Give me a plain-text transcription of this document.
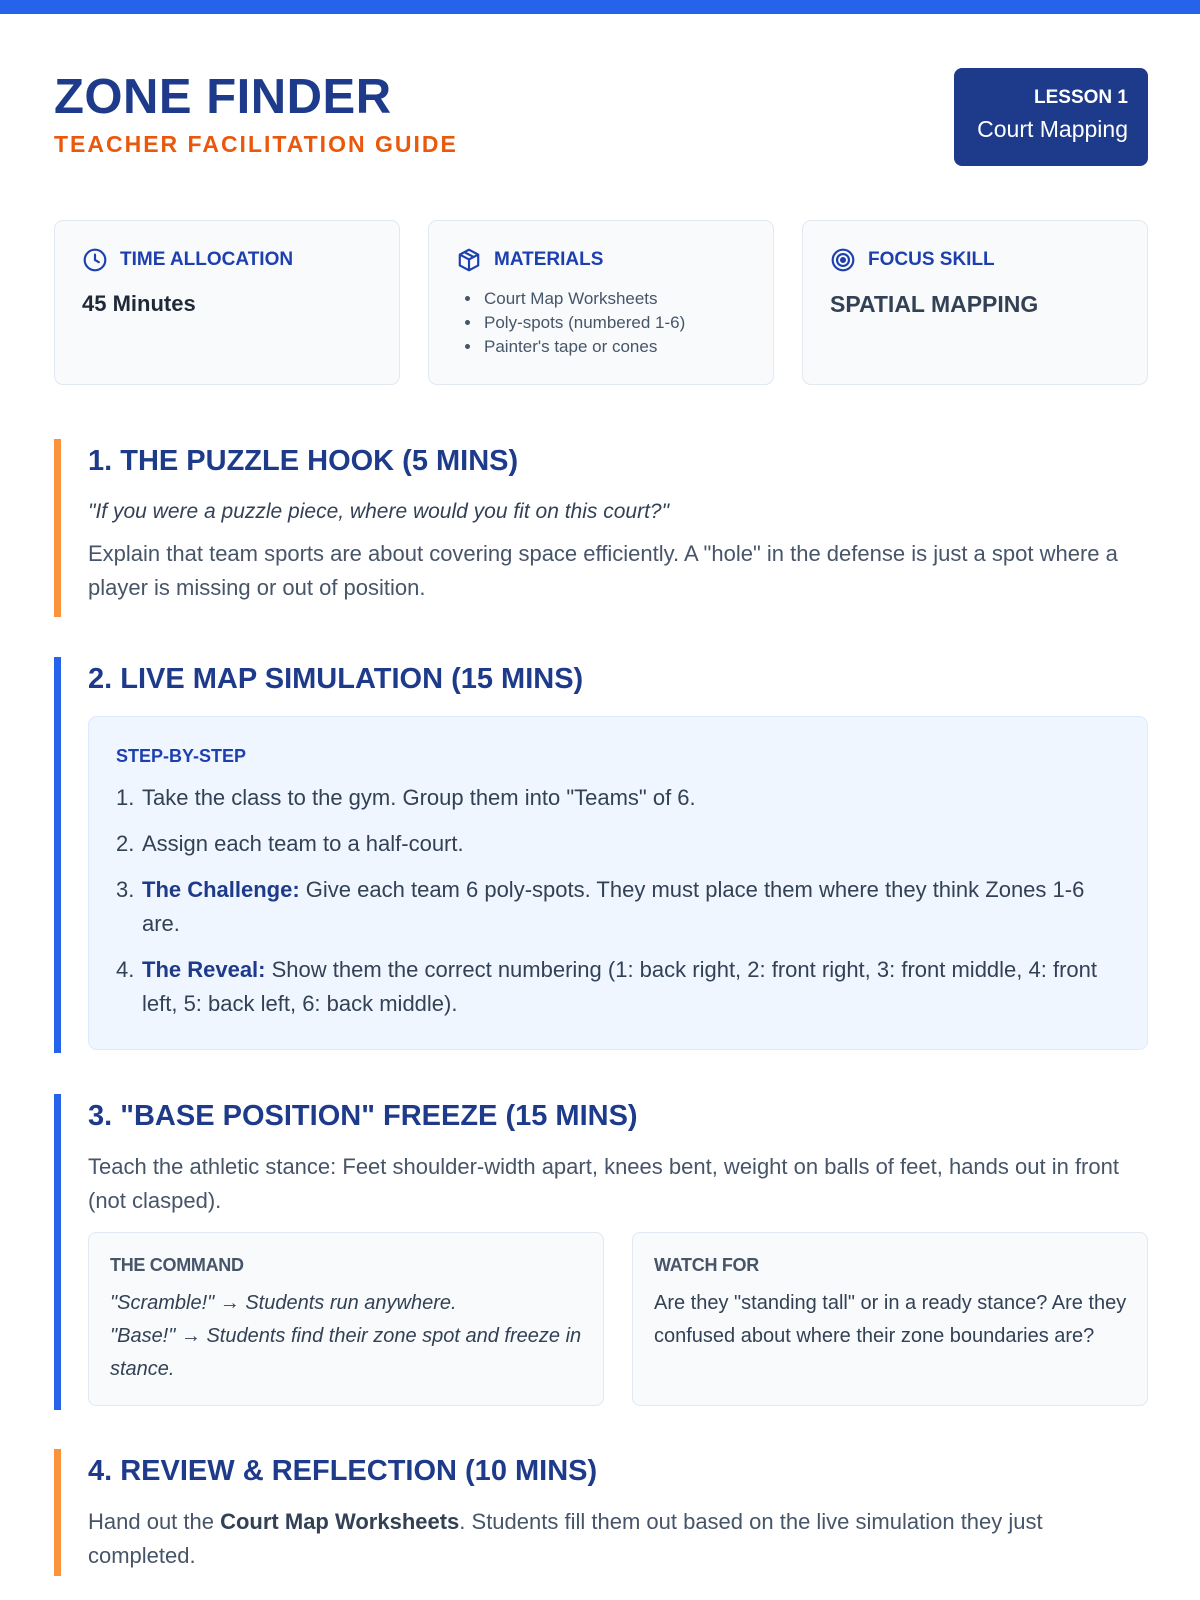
ZONE FINDER
TEACHER FACILITATION GUIDE
LESSON 1
Court Mapping
TIME ALLOCATION
45 Minutes
MATERIALS
• Court Map Worksheets
• Poly-spots (numbered 1-6)
• Painter's tape or cones
FOCUS SKILL
SPATIAL MAPPING
1. THE PUZZLE HOOK (5 MINS)
"If you were a puzzle piece, where would you fit on this court?"
Explain that team sports are about covering space efficiently. A "hole" in the defense is just a spot where a player is missing or out of position.
2. LIVE MAP SIMULATION (15 MINS)
STEP-BY-STEP
1. Take the class to the gym. Group them into "Teams" of 6.
2. Assign each team to a half-court.
3. The Challenge: Give each team 6 poly-spots. They must place them where they think Zones 1-6 are.
4. The Reveal: Show them the correct numbering (1: back right, 2: front right, 3: front middle, 4: front left, 5: back left, 6: back middle).
3. "BASE POSITION" FREEZE (15 MINS)
Teach the athletic stance: Feet shoulder-width apart, knees bent, weight on balls of feet, hands out in front (not clasped).
THE COMMAND
"Scramble!" → Students run anywhere.
"Base!" → Students find their zone spot and freeze in stance.
WATCH FOR
Are they "standing tall" or in a ready stance? Are they confused about where their zone boundaries are?
4. REVIEW & REFLECTION (10 MINS)
Hand out the Court Map Worksheets. Students fill them out based on the live simulation they just completed.
